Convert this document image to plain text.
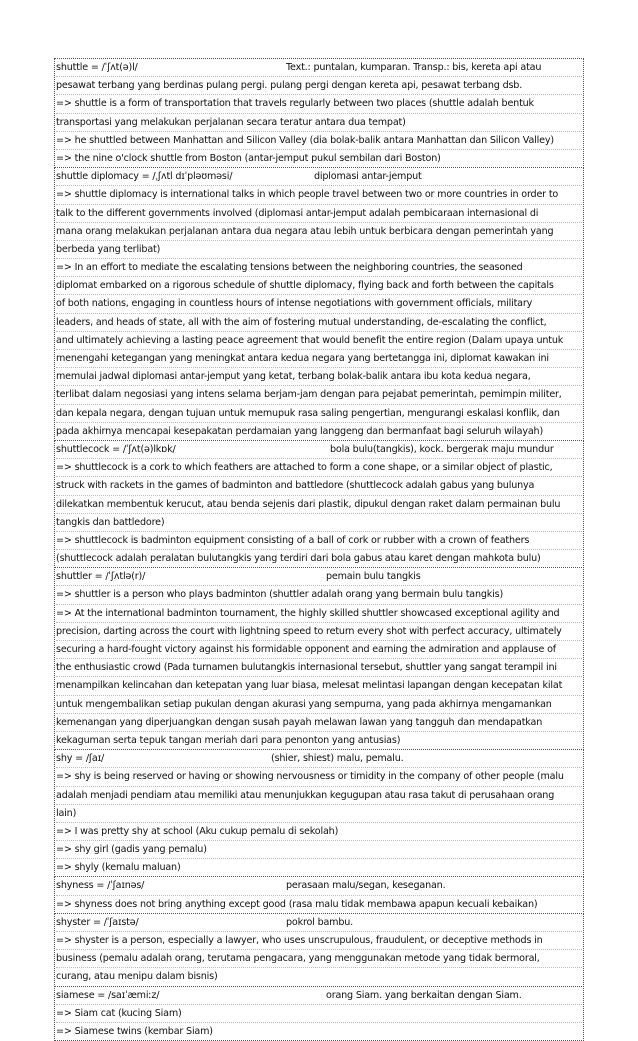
shuttle = /ˈʃʌt(ə)l/	Text.: puntalan, kumparan. Transp.: bis, kereta api atau
pesawat terbang yang berdinas pulang pergi. pulang pergi dengan kereta api, pesawat terbang dsb.
=> shuttle is a form of transportation that travels regularly between two places (shuttle adalah bentuk
transportasi yang melakukan perjalanan secara teratur antara dua tempat)
=> he shuttled between Manhattan and Silicon Valley (dia bolak-balik antara Manhattan dan Silicon Valley)
=> the nine o'clock shuttle from Boston (antar-jemput pukul sembilan dari Boston)
shuttle diplomacy = /ˌʃʌtl dɪˈpləʊməsi/	diplomasi antar-jemput
=> shuttle diplomacy is international talks in which people travel between two or more countries in order to
talk to the different governments involved (diplomasi antar-jemput adalah pembicaraan internasional di
mana orang melakukan perjalanan antara dua negara atau lebih untuk berbicara dengan pemerintah yang
berbeda yang terlibat)
=> In an effort to mediate the escalating tensions between the neighboring countries, the seasoned
diplomat embarked on a rigorous schedule of shuttle diplomacy, flying back and forth between the capitals
of both nations, engaging in countless hours of intense negotiations with government officials, military
leaders, and heads of state, all with the aim of fostering mutual understanding, de-escalating the conflict,
and ultimately achieving a lasting peace agreement that would benefit the entire region (Dalam upaya untuk
menengahi ketegangan yang meningkat antara kedua negara yang bertetangga ini, diplomat kawakan ini
memulai jadwal diplomasi antar-jemput yang ketat, terbang bolak-balik antara ibu kota kedua negara,
terlibat dalam negosiasi yang intens selama berjam-jam dengan para pejabat pemerintah, pemimpin militer,
dan kepala negara, dengan tujuan untuk memupuk rasa saling pengertian, mengurangi eskalasi konflik, dan
pada akhirnya mencapai kesepakatan perdamaian yang langgeng dan bermanfaat bagi seluruh wilayah)
shuttlecock = /ˈʃʌt(ə)lkɒk/	bola bulu(tangkis), kock. bergerak maju mundur
=> shuttlecock is a cork to which feathers are attached to form a cone shape, or a similar object of plastic,
struck with rackets in the games of badminton and battledore (shuttlecock adalah gabus yang bulunya
dilekatkan membentuk kerucut, atau benda sejenis dari plastik, dipukul dengan raket dalam permainan bulu
tangkis dan battledore)
=> shuttlecock is badminton equipment consisting of a ball of cork or rubber with a crown of feathers
(shuttlecock adalah peralatan bulutangkis yang terdiri dari bola gabus atau karet dengan mahkota bulu)
shuttler = /ˈʃʌtlə(r)/	pemain bulu tangkis
=> shuttler is a person who plays badminton (shuttler adalah orang yang bermain bulu tangkis)
=> At the international badminton tournament, the highly skilled shuttler showcased exceptional agility and
precision, darting across the court with lightning speed to return every shot with perfect accuracy, ultimately
securing a hard-fought victory against his formidable opponent and earning the admiration and applause of
the enthusiastic crowd (Pada turnamen bulutangkis internasional tersebut, shuttler yang sangat terampil ini
menampilkan kelincahan dan ketepatan yang luar biasa, melesat melintasi lapangan dengan kecepatan kilat
untuk mengembalikan setiap pukulan dengan akurasi yang sempurna, yang pada akhirnya mengamankan
kemenangan yang diperjuangkan dengan susah payah melawan lawan yang tangguh dan mendapatkan
kekaguman serta tepuk tangan meriah dari para penonton yang antusias)
shy = /ʃaɪ/	(shier, shiest) malu, pemalu.
=> shy is being reserved or having or showing nervousness or timidity in the company of other people (malu
adalah menjadi pendiam atau memiliki atau menunjukkan kegugupan atau rasa takut di perusahaan orang
lain)
=> I was pretty shy at school (Aku cukup pemalu di sekolah)
=> shy girl (gadis yang pemalu)
=> shyly (kemalu maluan)
shyness = /ˈʃaɪnəs/	perasaan malu/segan, keseganan.
=> shyness does not bring anything except good (rasa malu tidak membawa apapun kecuali kebaikan)
shyster = /ˈʃaɪstə/	pokrol bambu.
=> shyster is a person, especially a lawyer, who uses unscrupulous, fraudulent, or deceptive methods in
business (pemalu adalah orang, terutama pengacara, yang menggunakan metode yang tidak bermoral,
curang, atau menipu dalam bisnis)
siamese = /saɪˈæmiːz/	orang Siam. yang berkaitan dengan Siam.
=> Siam cat (kucing Siam)
=> Siamese twins (kembar Siam)
